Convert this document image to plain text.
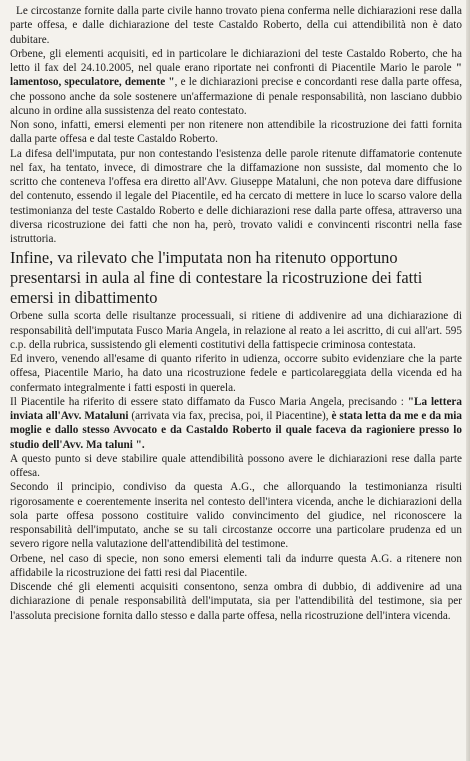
Le circostanze fornite dalla parte civile hanno trovato piena conferma nelle dichiarazioni rese dalla parte offesa, e dalle dichiarazione del teste Castaldo Roberto, della cui attendibilità non è dato dubitare.

Orbene, gli elementi acquisiti, ed in particolare le dichiarazioni del teste Castaldo Roberto, che ha letto il fax del 24.10.2005, nel quale erano riportate nei confronti di Piacentile Mario le parole " lamentoso, speculatore, demente ", e le dichiarazioni precise e concordanti rese dalla parte offesa, che possono anche da sole sostenere un'affermazione di penale responsabilità, non lasciano dubbio alcuno in ordine alla sussistenza del reato contestato.

Non sono, infatti, emersi elementi per non ritenere non attendibile la ricostruzione dei fatti fornita dalla parte offesa e dal teste Castaldo Roberto.

La difesa dell'imputata, pur non contestando l'esistenza delle parole ritenute diffamatorie contenute nel fax, ha tentato, invece, di dimostrare che la diffamazione non sussiste, dal momento che lo scritto che conteneva l'offesa era diretto all'Avv. Giuseppe Mataluni, che non poteva dare diffusione del contenuto, essendo il legale del Piacentile, ed ha cercato di mettere in luce lo scarso valore della testimonianza del teste Castaldo Roberto e delle dichiarazioni rese dalla parte offesa, attraverso una diversa ricostruzione dei fatti che non ha, però, trovato validi e convincenti riscontri nella fase istruttoria.

Infine, va rilevato che l'imputata non ha ritenuto opportuno presentarsi in aula al fine di contestare la ricostruzione dei fatti emersi in dibattimento

Orbene sulla scorta delle risultanze processuali, si ritiene di addivenire ad una dichiarazione di responsabilità dell'imputata Fusco Maria Angela, in relazione al reato a lei ascritto, di cui all'art. 595 c.p. della rubrica, sussistendo gli elementi costitutivi della fattispecie criminosa contestata.

Ed invero, venendo all'esame di quanto riferito in udienza, occorre subito evidenziare che la parte offesa, Piacentile Mario, ha dato una ricostruzione fedele e particolareggiata della vicenda ed ha confermato integralmente i fatti esposti in querela.

Il Piacentile ha riferito di essere stato diffamato da Fusco Maria Angela, precisando : "La lettera inviata all'Avv. Mataluni (arrivata via fax, precisa, poi, il Piacentine), è stata letta da me e da mia moglie e dallo stesso Avvocato e da Castaldo Roberto il quale faceva da ragioniere presso lo studio dell'Avv. Ma taluni ".

A questo punto si deve stabilire quale attendibilità possono avere le dichiarazioni rese dalla parte offesa.

Secondo il principio, condiviso da questa A.G., che allorquando la testimonianza risulti rigorosamente e coerentemente inserita nel contesto dell'intera vicenda, anche le dichiarazioni della sola parte offesa possono costituire valido convincimento del giudice, nel riconoscere la responsabilità dell'imputato, anche se su tali circostanze occorre una particolare prudenza ed un severo rigore nella valutazione dell'attendibilità del testimone.

Orbene, nel caso di specie, non sono emersi elementi tali da indurre questa A.G. a ritenere non affidabile la ricostruzione dei fatti resi dal Piacentile.

Discende ché gli elementi acquisiti consentono, senza ombra di dubbio, di addivenire ad una dichiarazione di penale responsabilità dell'imputata, sia per l'attendibilità del testimone, sia per l'assoluta precisione fornita dallo stesso e dalla parte offesa, nella ricostruzione dell'intera vicenda.
